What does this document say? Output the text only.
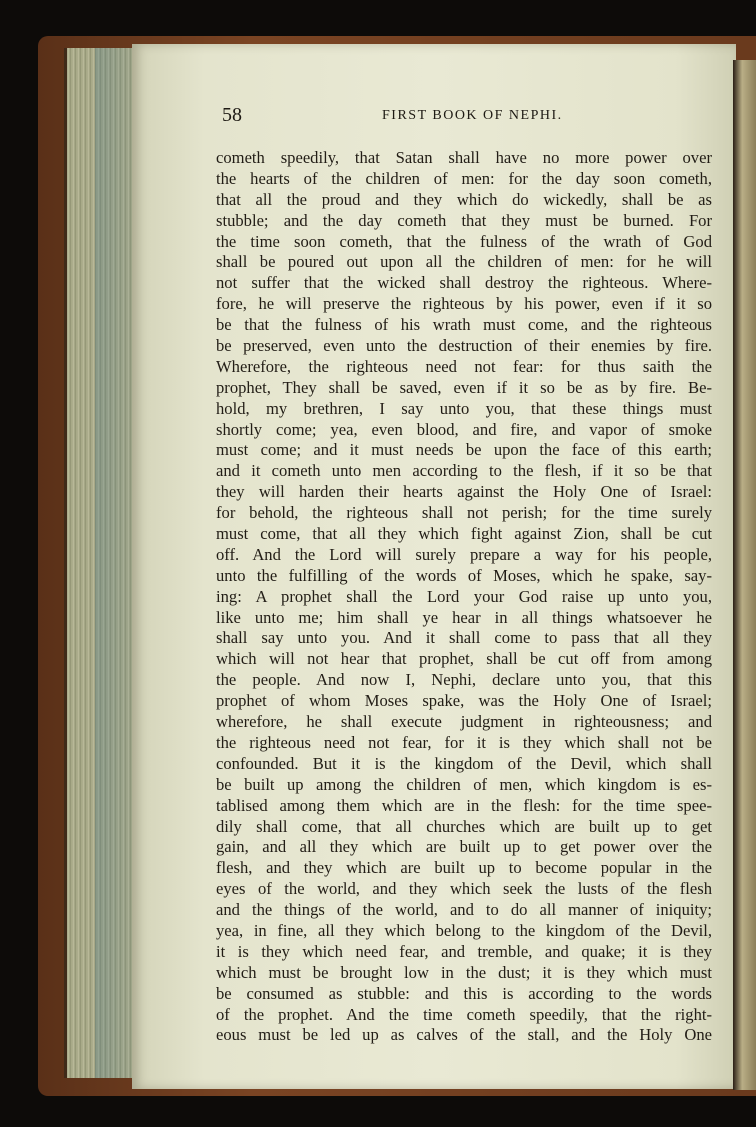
58	FIRST BOOK OF NEPHI.
cometh speedily, that Satan shall have no more power over
the hearts of the children of men: for the day soon cometh,
that all the proud and they which do wickedly, shall be as
stubble; and the day cometh that they must be burned. For
the time soon cometh, that the fulness of the wrath of God
shall be poured out upon all the children of men: for he will
not suffer that the wicked shall destroy the righteous. Where-
fore, he will preserve the righteous by his power, even if it so
be that the fulness of his wrath must come, and the righteous
be preserved, even unto the destruction of their enemies by fire.
Wherefore, the righteous need not fear: for thus saith the
prophet, They shall be saved, even if it so be as by fire. Be-
hold, my brethren, I say unto you, that these things must
shortly come; yea, even blood, and fire, and vapor of smoke
must come; and it must needs be upon the face of this earth;
and it cometh unto men according to the flesh, if it so be that
they will harden their hearts against the Holy One of Israel:
for behold, the righteous shall not perish; for the time surely
must come, that all they which fight against Zion, shall be cut
off. And the Lord will surely prepare a way for his people,
unto the fulfilling of the words of Moses, which he spake, say-
ing: A prophet shall the Lord your God raise up unto you,
like unto me; him shall ye hear in all things whatsoever he
shall say unto you. And it shall come to pass that all they
which will not hear that prophet, shall be cut off from among
the people. And now I, Nephi, declare unto you, that this
prophet of whom Moses spake, was the Holy One of Israel;
wherefore, he shall execute judgment in righteousness; and
the righteous need not fear, for it is they which shall not be
confounded. But it is the kingdom of the Devil, which shall
be built up among the children of men, which kingdom is es-
tablised among them which are in the flesh: for the time spee-
dily shall come, that all churches which are built up to get
gain, and all they which are built up to get power over the
flesh, and they which are built up to become popular in the
eyes of the world, and they which seek the lusts of the flesh
and the things of the world, and to do all manner of iniquity;
yea, in fine, all they which belong to the kingdom of the Devil,
it is they which need fear, and tremble, and quake; it is they
which must be brought low in the dust; it is they which must
be consumed as stubble: and this is according to the words
of the prophet. And the time cometh speedily, that the right-
eous must be led up as calves of the stall, and the Holy One
